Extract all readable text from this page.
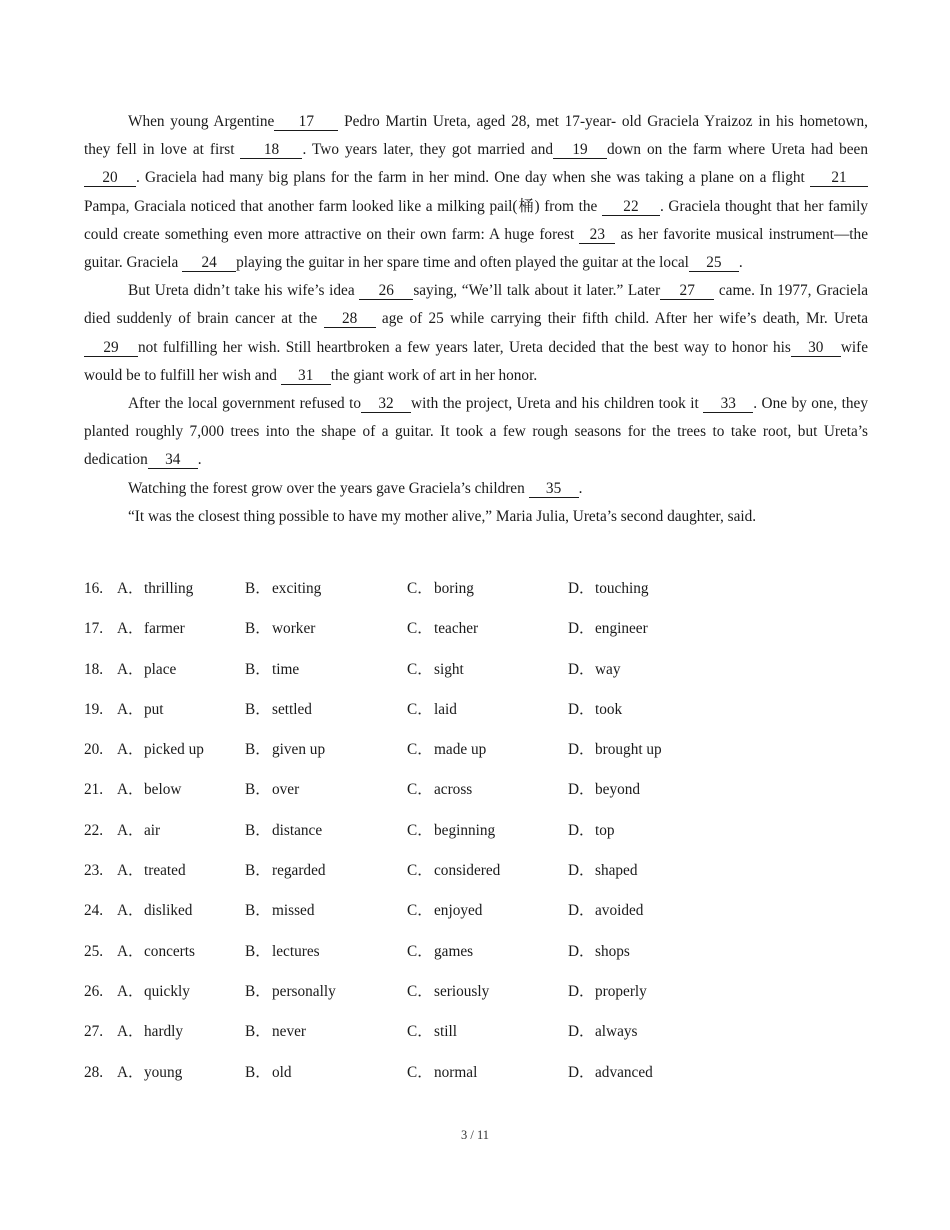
When young Argentine 17 Pedro Martin Ureta, aged 28, met 17-year- old Graciela Yraizoz in his hometown, they fell in love at first 18 . Two years later, they got married and 19 down on the farm where Ureta had been 20 . Graciela had many big plans for the farm in her mind. One day when she was taking a plane on a flight 21 Pampa, Graciala noticed that another farm looked like a milking pail(桶) from the 22 . Graciela thought that her family could create something even more attractive on their own farm: A huge forest 23 as her favorite musical instrument—the guitar. Graciela 24 playing the guitar in her spare time and often played the guitar at the local 25 .

But Ureta didn’t take his wife’s idea 26 saying, “We’ll talk about it later.” Later 27 came. In 1977, Graciela died suddenly of brain cancer at the 28 age of 25 while carrying their fifth child. After her wife’s death, Mr. Ureta 29 not fulfilling her wish. Still heartbroken a few years later, Ureta decided that the best way to honor his 30 wife would be to fulfill her wish and 31 the giant work of art in her honor.

After the local government refused to 32 with the project, Ureta and his children took it 33 . One by one, they planted roughly 7,000 trees into the shape of a guitar. It took a few rough seasons for the trees to take root, but Ureta’s dedication 34 .

Watching the forest grow over the years gave Graciela’s children 35 .

“It was the closest thing possible to have my mother alive,” Maria Julia, Ureta’s second daughter, said.

16. A．thrilling	B．exciting	C．boring	D．touching
17. A．farmer	B．worker	C．teacher	D．engineer
18. A．place	B．time	C．sight	D．way
19. A．put	B．settled	C．laid	D．took
20. A．picked up	B．given up	C．made up	D．brought up
21. A．below	B．over	C．across	D．beyond
22. A．air	B．distance	C．beginning	D．top
23. A．treated	B．regarded	C．considered	D．shaped
24. A．disliked	B．missed	C．enjoyed	D．avoided
25. A．concerts	B．lectures	C．games	D．shops
26. A．quickly	B．personally	C．seriously	D．properly
27. A．hardly	B．never	C．still	D．always
28. A．young	B．old	C．normal	D．advanced
3 / 11
